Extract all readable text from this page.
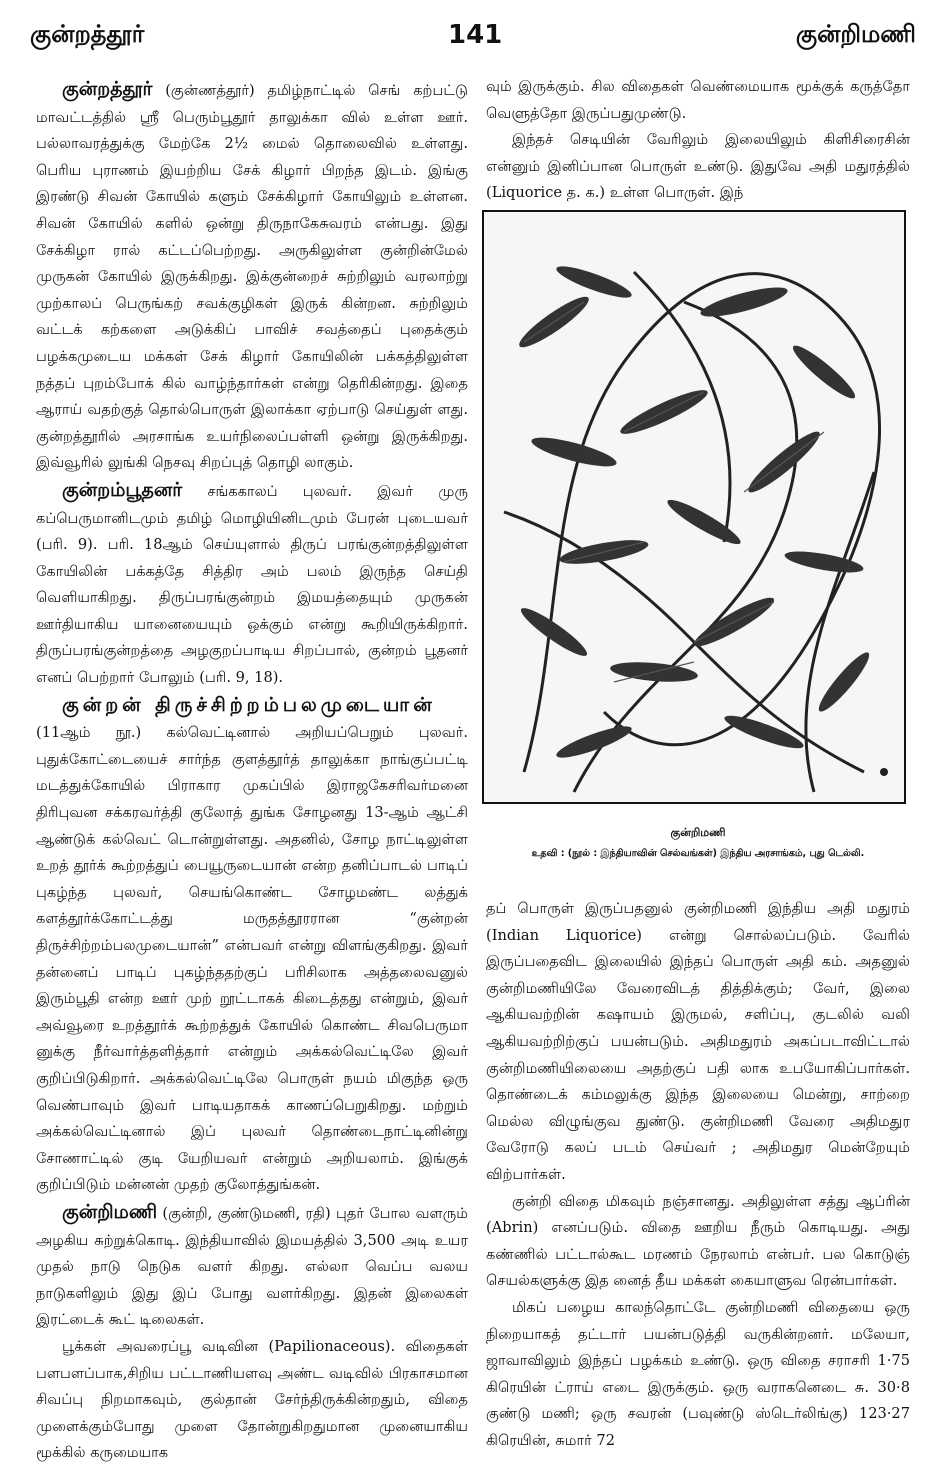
குன்றத்தூர்	141	குன்றிமணி

குன்றத்தூர் (குன்ணத்தூர்) தமிழ்நாட்டில் செங் கற்பட்டு மாவட்டத்தில் ஸ்ரீ பெரும்பூதூர் தாலுக்கா வில் உள்ள ஊர். பல்லாவரத்துக்கு மேற்கே 2½ மைல் தொலைவில் உள்ளது. பெரிய புராணம் இயற்றிய சேக் கிழார் பிறந்த இடம். இங்கு இரண்டு சிவன் கோயில் களும் சேக்கிழார் கோயிலும் உள்ளன. சிவன் கோயில் களில் ஒன்று திருநாகேசுவரம் என்பது. இது சேக்கிழா ரால் கட்டப்பெற்றது. அருகிலுள்ள குன்றின்மேல் முருகன் கோயில் இருக்கிறது. இக்குன்றைச் சுற்றிலும் வரலாற்று முற்காலப் பெருங்கற் சவக்குழிகள் இருக் கின்றன. சுற்றிலும் வட்டக் கற்களை அடுக்கிப் பாவிச் சவத்தைப் புதைக்கும் பழக்கமுடைய மக்கள் சேக் கிழார் கோயிலின் பக்கத்திலுள்ள நத்தப் புறம்போக் கில் வாழ்ந்தார்கள் என்று தெரிகின்றது. இதை ஆராய் வதற்குத் தொல்பொருள் இலாக்கா ஏற்பாடு செய்துள் ளது. குன்றத்தூரில் அரசாங்க உயர்நிலைப்பள்ளி ஒன்று இருக்கிறது. இவ்வூரில் லுங்கி நெசவு சிறப்புத் தொழி லாகும்.

குன்றம்பூதனர் சங்ககாலப் புலவர். இவர் முரு கப்பெருமானிடமும் தமிழ் மொழியினிடமும் பேரன் புடையவர் (பரி. 9). பரி. 18ஆம் செய்யுளால் திருப் பரங்குன்றத்திலுள்ள கோயிலின் பக்கத்தே சித்திர அம் பலம் இருந்த செய்தி வெளியாகிறது. திருப்பரங்குன்றம் இமயத்தையும் முருகன் ஊர்தியாகிய யானையையும் ஒக்கும் என்று கூறியிருக்கிறார். திருப்பரங்குன்றத்தை அழகுறப்பாடிய சிறப்பால், குன்றம் பூதனர் எனப் பெற்றார் போலும் (பரி. 9, 18).

குன்றன் திருச்சிற்றம்பலமுடையான்

(11ஆம் நூ.) கல்வெட்டினால் அறியப்பெறும் புலவர். புதுக்கோட்டையைச் சார்ந்த குளத்தூர்த் தாலுக்கா நாங்குப்பட்டி மடத்துக்கோயில் பிராகார முகப்பில் இராஜகேசரிவர்மனை திரிபுவன சக்கரவர்த்தி குலோத் துங்க சோழனது 13-ஆம் ஆட்சி ஆண்டுக் கல்வெட் டொன்றுள்ளது. அதனில், சோழ நாட்டிலுள்ள உறத் தூர்க் கூற்றத்துப் பையூருடையான் என்ற தனிப்பாடல் பாடிப் புகழ்ந்த புலவர், செயங்கொண்ட சோழமண்ட லத்துக் களத்தூர்க்கோட்டத்து மருதத்தூரரான “குன்றன் திருச்சிற்றம்பலமுடையான்” என்பவர் என்று விளங்குகிறது. இவர் தன்னைப் பாடிப் புகழ்ந்ததற்குப் பரிசிலாக அத்தலைவனுல் இரும்பூதி என்ற ஊர் முற் றூட்டாகக் கிடைத்தது என்றும், இவர் அவ்வூரை உறத்தூர்க் கூற்றத்துக் கோயில் கொண்ட சிவபெருமா னுக்கு நீர்வார்த்தளித்தார் என்றும் அக்கல்வெட்டிலே இவர் குறிப்பிடுகிறார். அக்கல்வெட்டிலே பொருள் நயம் மிகுந்த ஒரு வெண்பாவும் இவர் பாடியதாகக் காணப்பெறுகிறது. மற்றும் அக்கல்வெட்டினால் இப் புலவர் தொண்டைநாட்டினின்று சோணாட்டில் குடி யேறியவர் என்றும் அறியலாம். இங்குக் குறிப்பிடும் மன்னன் முதற் குலோத்துங்கன்.

குன்றிமணி (குன்றி, குண்டுமணி, ரதி) புதர் போல வளரும் அழகிய சுற்றுக்கொடி. இந்தியாவில் இமயத்தில் 3,500 அடி உயர முதல் நாடு நெடுக வளர் கிறது. எல்லா வெப்ப வலய நாடுகளிலும் இது இப் போது வளர்கிறது. இதன் இலைகள் இரட்டைக் கூட் டிலைகள்.

பூக்கள் அவரைப்பூ வடிவின (Papilionaceous). விதைகள் பளபளப்பாக,சிறிய பட்டாணியளவு அண்ட வடிவில் பிரகாசமான சிவப்பு நிறமாகவும், குல்தான் சேர்ந்திருக்கின்றதும், விதை முளைக்கும்போது முளை தோன்றுகிறதுமான முனையாகிய மூக்கில் கருமையாக

வும் இருக்கும். சில விதைகள் வெண்மையாக மூக்குக் கருத்தோ வெளுத்தோ இருப்பதுமுண்டு.

இந்தச் செடியின் வேரிலும் இலையிலும் கிளிசிரைசின் என்னும் இனிப்பான பொருள் உண்டு. இதுவே அதி மதுரத்தில் (Liquorice த. க.) உள்ள பொருள். இந்

குன்றிமணி
உதவி : (நூல் : இந்தியாவின் செல்வங்கள்) இந்திய அரசாங்கம், புது டெல்லி.

தப் பொருள் இருப்பதனுல் குன்றிமணி இந்திய அதி மதுரம் (Indian Liquorice) என்று சொல்லப்படும். வேரில் இருப்பதைவிட இலையில் இந்தப் பொருள் அதி கம். அதனுல் குன்றிமணியிலே வேரைவிடத் தித்திக்கும்; வேர், இலை ஆகியவற்றின் கஷாயம் இருமல், சளிப்பு, குடலில் வலி ஆகியவற்றிற்குப் பயன்படும். அதிமதுரம் அகப்படாவிட்டால் குன்றிமணியிலையை அதற்குப் பதி லாக உபயோகிப்பார்கள். தொண்டைக் கம்மலுக்கு இந்த இலையை மென்று, சாற்றை மெல்ல விழுங்குவ துண்டு. குன்றிமணி வேரை அதிமதுர வேரோடு கலப் படம் செய்வர் ; அதிமதுர மென்றேயும் விற்பார்கள்.

குன்றி விதை மிகவும் நஞ்சானது. அதிலுள்ள சத்து ஆப்ரின் (Abrin) எனப்படும். விதை ஊறிய நீரும் கொடியது. அது கண்ணில் பட்டால்கூட மரணம் நேரலாம் என்பர். பல கொடுஞ் செயல்களுக்கு இத னைத் தீய மக்கள் கையாளுவ ரென்பார்கள்.

மிகப் பழைய காலந்தொட்டே குன்றிமணி விதையை ஒரு நிறையாகத் தட்டார் பயன்படுத்தி வருகின்றனர். மலேயா, ஜாவாவிலும் இந்தப் பழக்கம் உண்டு. ஒரு விதை சராசரி 1·75 கிரெயின் ட்ராய் எடை இருக்கும். ஒரு வராகனெடை சு. 30·8 குண்டு மணி; ஒரு சவரன் (பவுண்டு ஸ்டெர்லிங்கு) 123·27 கிரெயின், சுமார் 72
